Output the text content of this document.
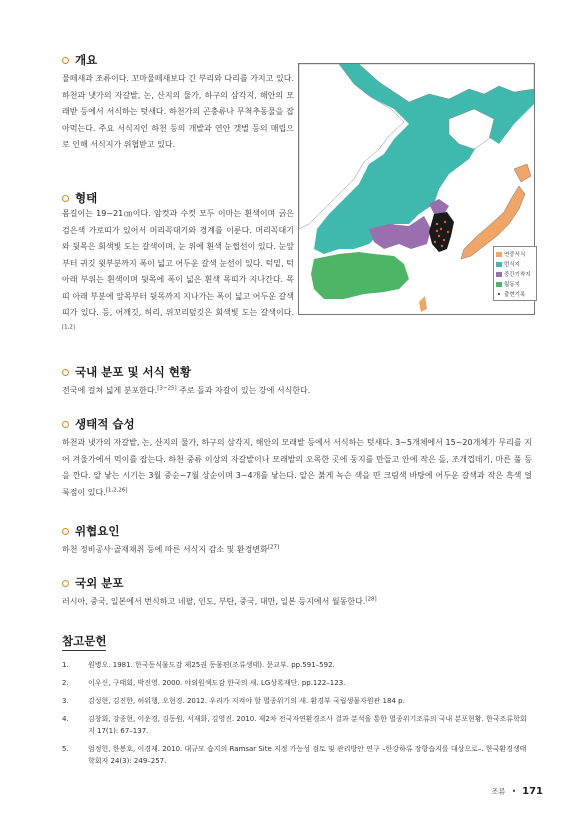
개요

물떼새과 조류이다. 꼬마물떼새보다 긴 부리와 다리를 가지고 있다. 하천과 냇가의 자갈밭, 논, 산지의 물가, 하구의 삼각지, 해안의 모래받 등에서 서식하는 텃새다. 하천가의 곤충류나 무척추동물을 잡아먹는다. 주요 서식지인 하천 등의 개발과 연안 갯벌 등의 매립으로 인해 서식지가 위협받고 있다.

형태

몸길이는 19~21㎝이다. 암컷과 수컷 모두 이마는 흰색이며 긁은 검은색 가로띠가 있어서 머리꼭대기와 경계를 이룬다. 머리꼭대기와 뒷목은 회색빛 도는 갈색이며, 눈 위에 흰색 눈썹선이 있다. 눈앞부터 귀깃 윗부분까지 폭이 넓고 어두운 갈색 눈선이 있다. 턱밑, 턱 아래 부위는 흰색이며 뒷목에 폭이 넓은 흰색 목띠가 지나간다. 목띠 아래 부분에 앞목부터 뒷목까지 지나가는 폭이 넓고 어두운 갈색 띠가 있다. 등, 어깨깃, 허리, 위꼬리덮깃은 회색빛 도는 갈색이다.[1,2]

국내 분포 및 서식 현황

전국에 걸쳐 넓게 분포한다.[3~25] 주로 돌과 자갈이 있는 강에 서식한다.

생태적 습성

하천과 냇가의 자갈밭, 논, 산지의 물가, 하구의 삼각지, 해안의 모래밭 등에서 서식하는 텃새다. 3~5개체에서 15~20개체가 무리를 지어 겨울가에서 먹이를 잡는다. 하천 중류 이상의 자갈밭이나 모래밭의 오목한 곳에 둥지를 만들고 안에 작은 돌, 조개껍데기, 마른 풀 등을 깐다. 알 낳는 시기는 3월 중순~7월 상순이며 3~4개를 낳는다. 알은 붉게 녹슨 색을 띤 크림색 바탕에 어두운 갈색과 작은 흑색 얼룩점이 있다.[1,2,26]

위협요인

하천 정비공사·골재채취 등에 따른 서식지 감소 및 환경변화[27]

국외 분포

러시아, 중국, 일본에서 번식하고 네팔, 인도, 부탄, 중국, 대만, 일본 등지에서 월동한다.[28]

연중서식
번식지
중간기착지
월동지
출현기록
참고문헌
1.	원병오. 1981. 한국동식물도감 제25권 동물편(조류생태). 문교부. pp.591–592.
2.	이우신, 구태회, 박진영. 2000. 야외원색도감 한국의 새. LG상록재단. pp.122–123.
3.	김성현, 김진한, 허위행, 오현경. 2012. 우리가 지켜야 할 멸종위기의 새. 환경부 국립생물자원관 184 p.
4.	김창회, 강종현, 이운경, 김동원, 서재화, 김영진. 2010. 제2차 전국자연환경조사 결과 분석을 통한 멸종위기조류의 국내 분포현황. 한국조류학회지 17(1): 67–137.
5.	엄정헌, 한봉호, 이경재. 2010. 대규모 습지의 Ramsar Site 지정 가능성 검토 및 관리방안 연구 –한강하류 장항습지를 대상으로–. 한국환경생태학회지 24(3): 249–257.
조류 • 171
